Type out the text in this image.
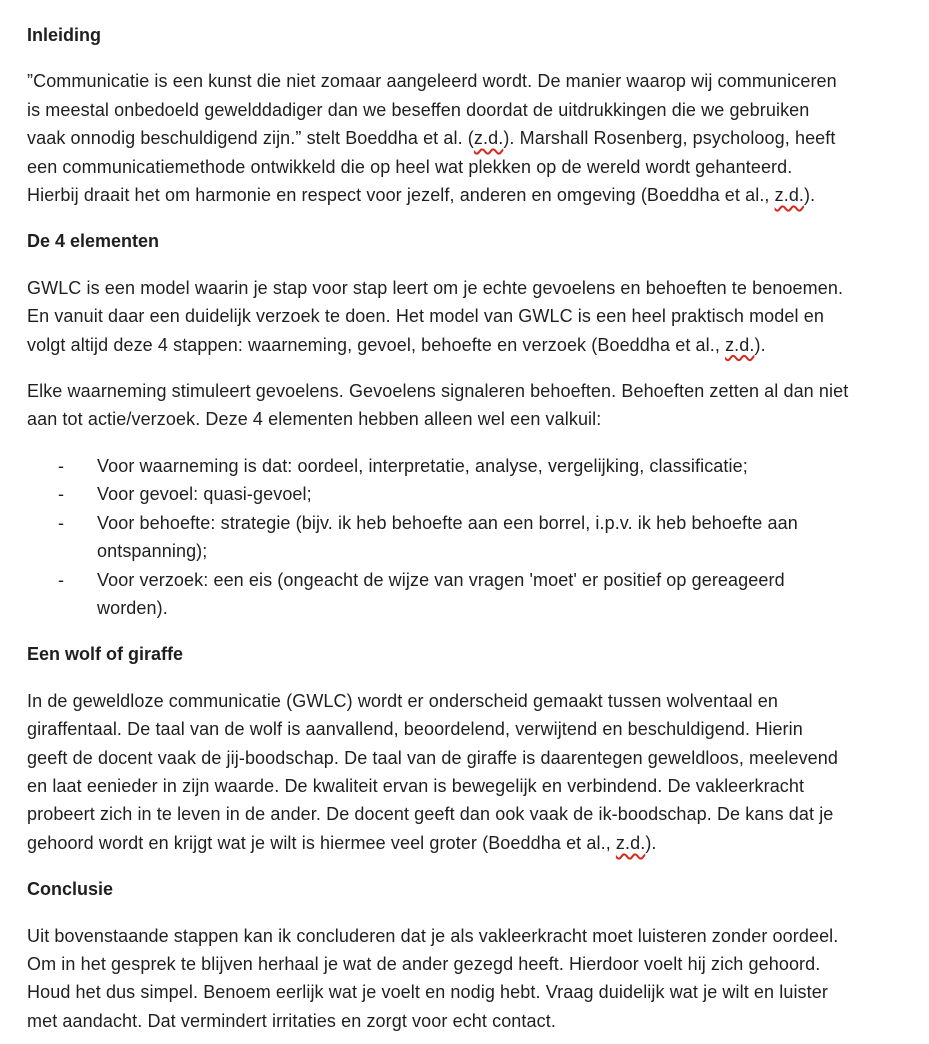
Inleiding
”Communicatie is een kunst die niet zomaar aangeleerd wordt. De manier waarop wij communiceren
is meestal onbedoeld gewelddadiger dan we beseffen doordat de uitdrukkingen die we gebruiken
vaak onnodig beschuldigend zijn.” stelt Boeddha et al. (z.d.). Marshall Rosenberg, psycholoog, heeft
een communicatiemethode ontwikkeld die op heel wat plekken op de wereld wordt gehanteerd.
Hierbij draait het om harmonie en respect voor jezelf, anderen en omgeving (Boeddha et al., z.d.).
De 4 elementen
GWLC is een model waarin je stap voor stap leert om je echte gevoelens en behoeften te benoemen.
En vanuit daar een duidelijk verzoek te doen. Het model van GWLC is een heel praktisch model en
volgt altijd deze 4 stappen: waarneming, gevoel, behoefte en verzoek (Boeddha et al., z.d.).
Elke waarneming stimuleert gevoelens. Gevoelens signaleren behoeften. Behoeften zetten al dan niet
aan tot actie/verzoek. Deze 4 elementen hebben alleen wel een valkuil:
- Voor waarneming is dat: oordeel, interpretatie, analyse, vergelijking, classificatie;
- Voor gevoel: quasi-gevoel;
- Voor behoefte: strategie (bijv. ik heb behoefte aan een borrel, i.p.v. ik heb behoefte aan
ontspanning);
- Voor verzoek: een eis (ongeacht de wijze van vragen 'moet' er positief op gereageerd
worden).
Een wolf of giraffe
In de geweldloze communicatie (GWLC) wordt er onderscheid gemaakt tussen wolventaal en
giraffentaal. De taal van de wolf is aanvallend, beoordelend, verwijtend en beschuldigend. Hierin
geeft de docent vaak de jij-boodschap. De taal van de giraffe is daarentegen geweldloos, meelevend
en laat eenieder in zijn waarde. De kwaliteit ervan is bewegelijk en verbindend. De vakleerkracht
probeert zich in te leven in de ander. De docent geeft dan ook vaak de ik-boodschap. De kans dat je
gehoord wordt en krijgt wat je wilt is hiermee veel groter (Boeddha et al., z.d.).
Conclusie
Uit bovenstaande stappen kan ik concluderen dat je als vakleerkracht moet luisteren zonder oordeel.
Om in het gesprek te blijven herhaal je wat de ander gezegd heeft. Hierdoor voelt hij zich gehoord.
Houd het dus simpel. Benoem eerlijk wat je voelt en nodig hebt. Vraag duidelijk wat je wilt en luister
met aandacht. Dat vermindert irritaties en zorgt voor echt contact.
